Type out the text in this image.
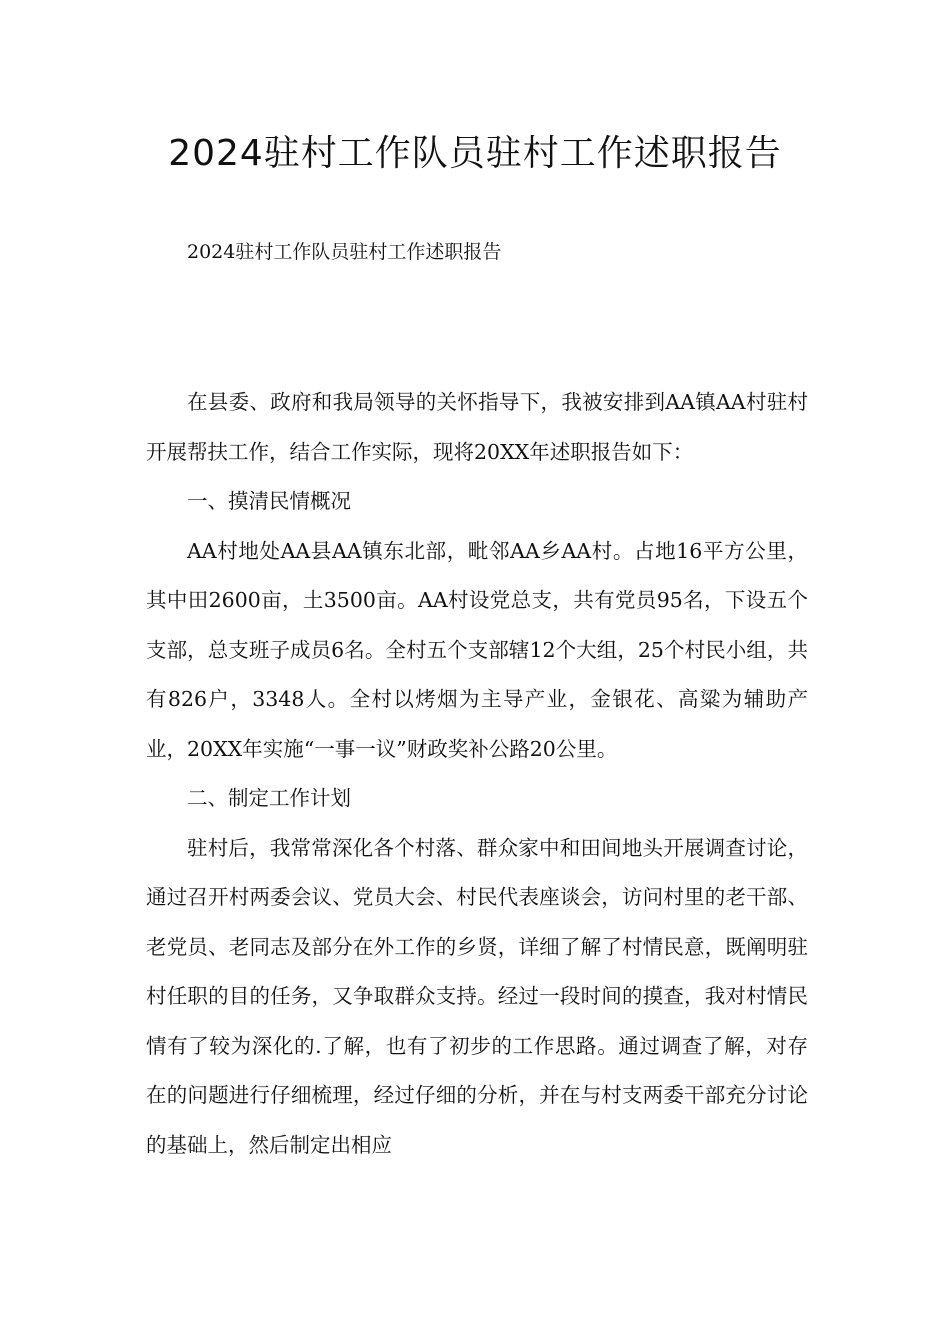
2024驻村工作队员驻村工作述职报告

2024驻村工作队员驻村工作述职报告

在县委、政府和我局领导的关怀指导下，我被安排到AA镇AA村驻村开展帮扶工作，结合工作实际，现将20XX年述职报告如下：

一、摸清民情概况

AA村地处AA县AA镇东北部，毗邻AA乡AA村。占地16平方公里，其中田2600亩，土3500亩。AA村设党总支，共有党员95名，下设五个支部，总支班子成员6名。全村五个支部辖12个大组，25个村民小组，共有826户，3348人。全村以烤烟为主导产业，金银花、高粱为辅助产业，20XX年实施“一事一议”财政奖补公路20公里。

二、制定工作计划

驻村后，我常常深化各个村落、群众家中和田间地头开展调查讨论，通过召开村两委会议、党员大会、村民代表座谈会，访问村里的老干部、老党员、老同志及部分在外工作的乡贤，详细了解了村情民意，既阐明驻村任职的目的任务，又争取群众支持。经过一段时间的摸查，我对村情民情有了较为深化的.了解，也有了初步的工作思路。通过调查了解，对存在的问题进行仔细梳理，经过仔细的分析，并在与村支两委干部充分讨论的基础上，然后制定出相应
